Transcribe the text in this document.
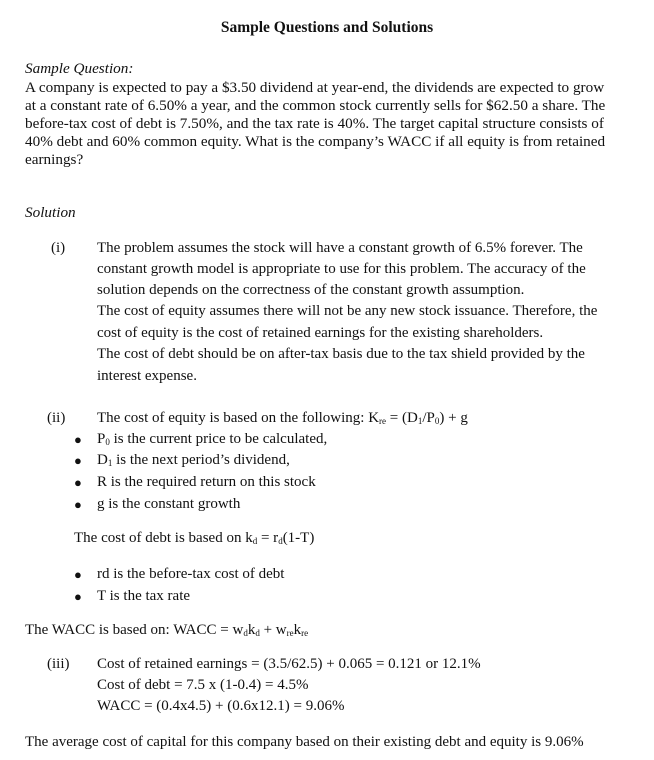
Sample Questions and Solutions
Sample Question:
A company is expected to pay a $3.50 dividend at year-end, the dividends are expected to grow
at a constant rate of 6.50% a year, and the common stock currently sells for $62.50 a share. The
before-tax cost of debt is 7.50%, and the tax rate is 40%. The target capital structure consists of
40% debt and 60% common equity. What is the company’s WACC if all equity is from retained
earnings?
Solution
(i) The problem assumes the stock will have a constant growth of 6.5% forever. The
constant growth model is appropriate to use for this problem. The accuracy of the
solution depends on the correctness of the constant growth assumption.
The cost of equity assumes there will not be any new stock issuance. Therefore, the
cost of equity is the cost of retained earnings for the existing shareholders.
The cost of debt should be on after-tax basis due to the tax shield provided by the
interest expense.
(ii) The cost of equity is based on the following: $K_{re} = (D_1/P_0) + g$
● $P_0$ is the current price to be calculated,
● $D_1$ is the next period’s dividend,
● R is the required return on this stock
● g is the constant growth
The cost of debt is based on $k_d = r_d(1-T)$
● rd is the before-tax cost of debt
● T is the tax rate
The WACC is based on: WACC = $w_dk_d + w_{re}k_{re}$
(iii) Cost of retained earnings = (3.5/62.5) + 0.065 = 0.121 or 12.1%
Cost of debt = 7.5 x (1-0.4) = 4.5%
WACC = (0.4x4.5) + (0.6x12.1) = 9.06%
The average cost of capital for this company based on their existing debt and equity is 9.06%
